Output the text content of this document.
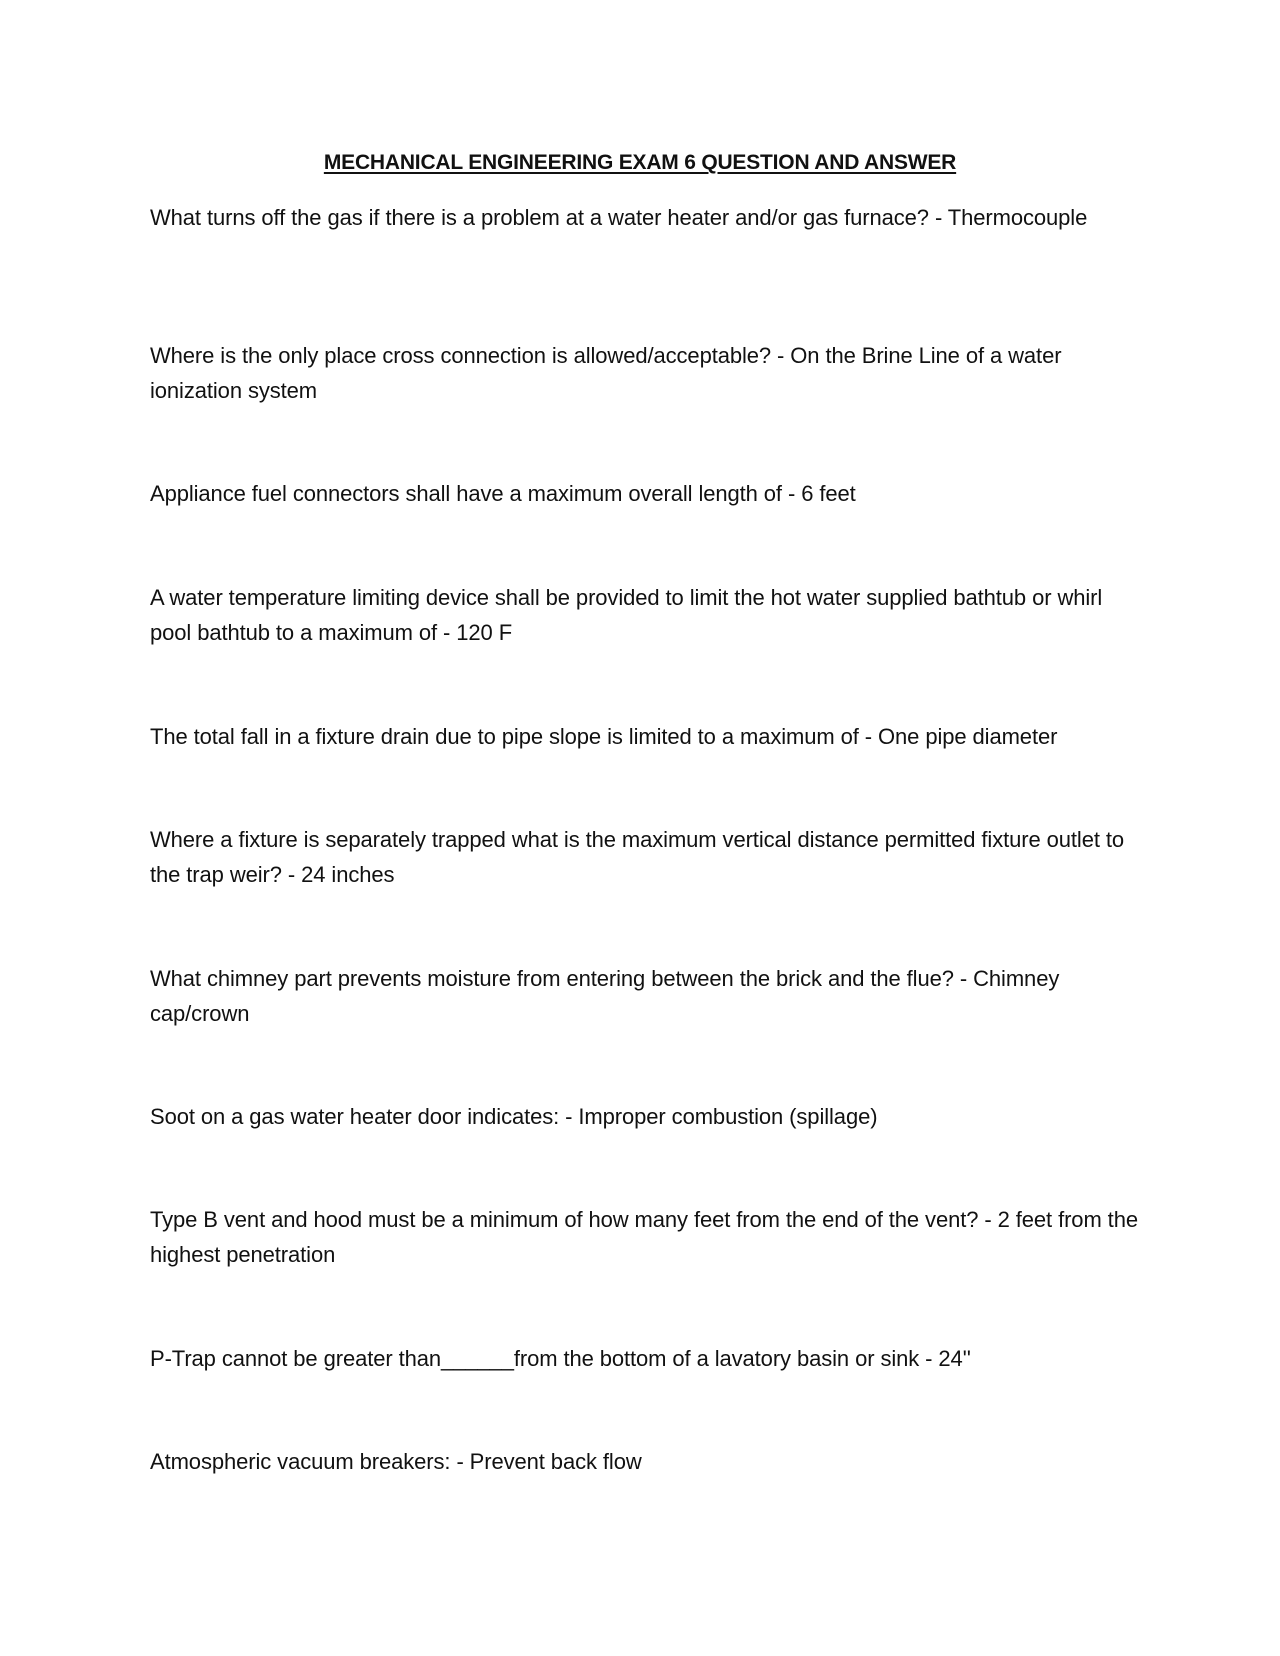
MECHANICAL ENGINEERING EXAM 6 QUESTION AND ANSWER

What turns off the gas if there is a problem at a water heater and/or gas furnace? - Thermocouple

Where is the only place cross connection is allowed/acceptable? - On the Brine Line of a water ionization system

Appliance fuel connectors shall have a maximum overall length of - 6 feet

A water temperature limiting device shall be provided to limit the hot water supplied bathtub or whirl pool bathtub to a maximum of - 120 F

The total fall in a fixture drain due to pipe slope is limited to a maximum of - One pipe diameter

Where a fixture is separately trapped what is the maximum vertical distance permitted fixture outlet to the trap weir? - 24 inches

What chimney part prevents moisture from entering between the brick and the flue? - Chimney cap/crown

Soot on a gas water heater door indicates: - Improper combustion (spillage)

Type B vent and hood must be a minimum of how many feet from the end of the vent? - 2 feet from the highest penetration

P-Trap cannot be greater than______from the bottom of a lavatory basin or sink - 24''

Atmospheric vacuum breakers: - Prevent back flow
